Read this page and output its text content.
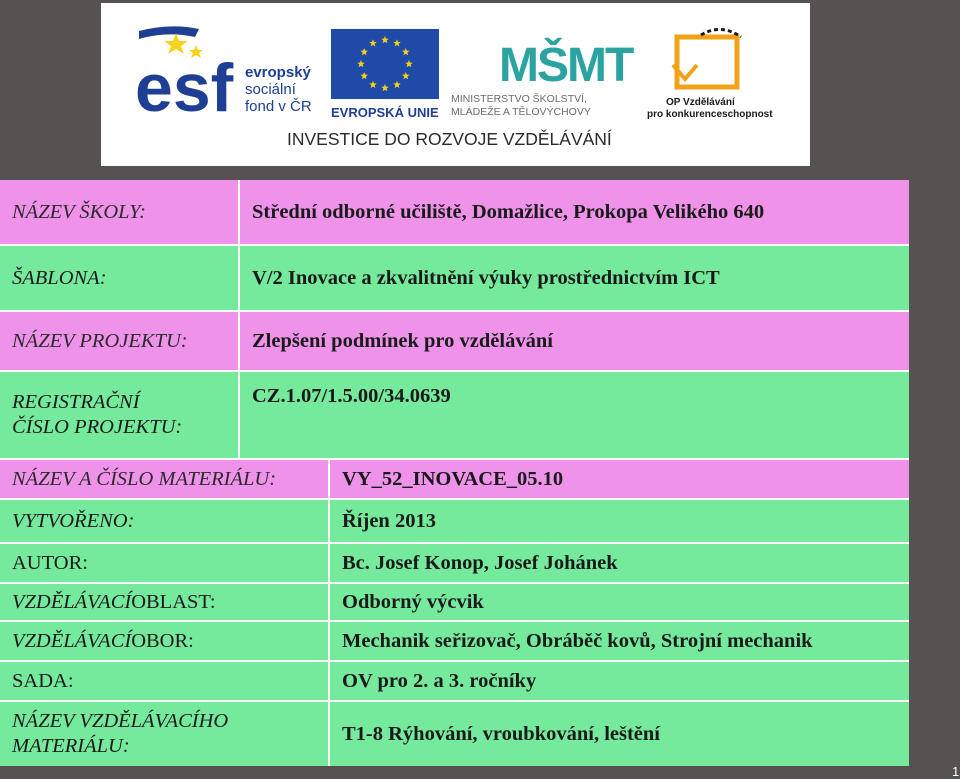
esf evropský
sociální
fond v ČR EVROPSKÁ UNIE
MŠMT
MINISTERSTVO ŠKOLSTVÍ,
MLÁDEŽE A TĚLOVÝCHOVY
OP Vzdělávání
pro konkurenceschopnost
INVESTICE DO ROZVOJE VZDĚLÁVÁNÍ
NÁZEV ŠKOLY:	Střední odborné učiliště, Domažlice, Prokopa Velikého 640
ŠABLONA:	V/2 Inovace a zkvalitnění výuky prostřednictvím ICT
NÁZEV PROJEKTU:	Zlepšení podmínek pro vzdělávání
REGISTRAČNÍ
ČÍSLO PROJEKTU:
CZ.1.07/1.5.00/34.0639
NÁZEV A ČÍSLO MATERIÁLU:	VY_52_INOVACE_05.10
VYTVOŘENO:	Říjen 2013
AUTOR:	Bc. Josef Konop, Josef Johánek
VZDĚLÁVACÍ OBLAST:	Odborný výcvik
VZDĚLÁVACÍ OBOR:	Mechanik seřizovač, Obráběč kovů, Strojní mechanik
SADA:	OV pro 2. a 3. ročníky
NÁZEV VZDĚLÁVACÍHO
MATERIÁLU:
T1-8 Rýhování, vroubkování, leštění
1
